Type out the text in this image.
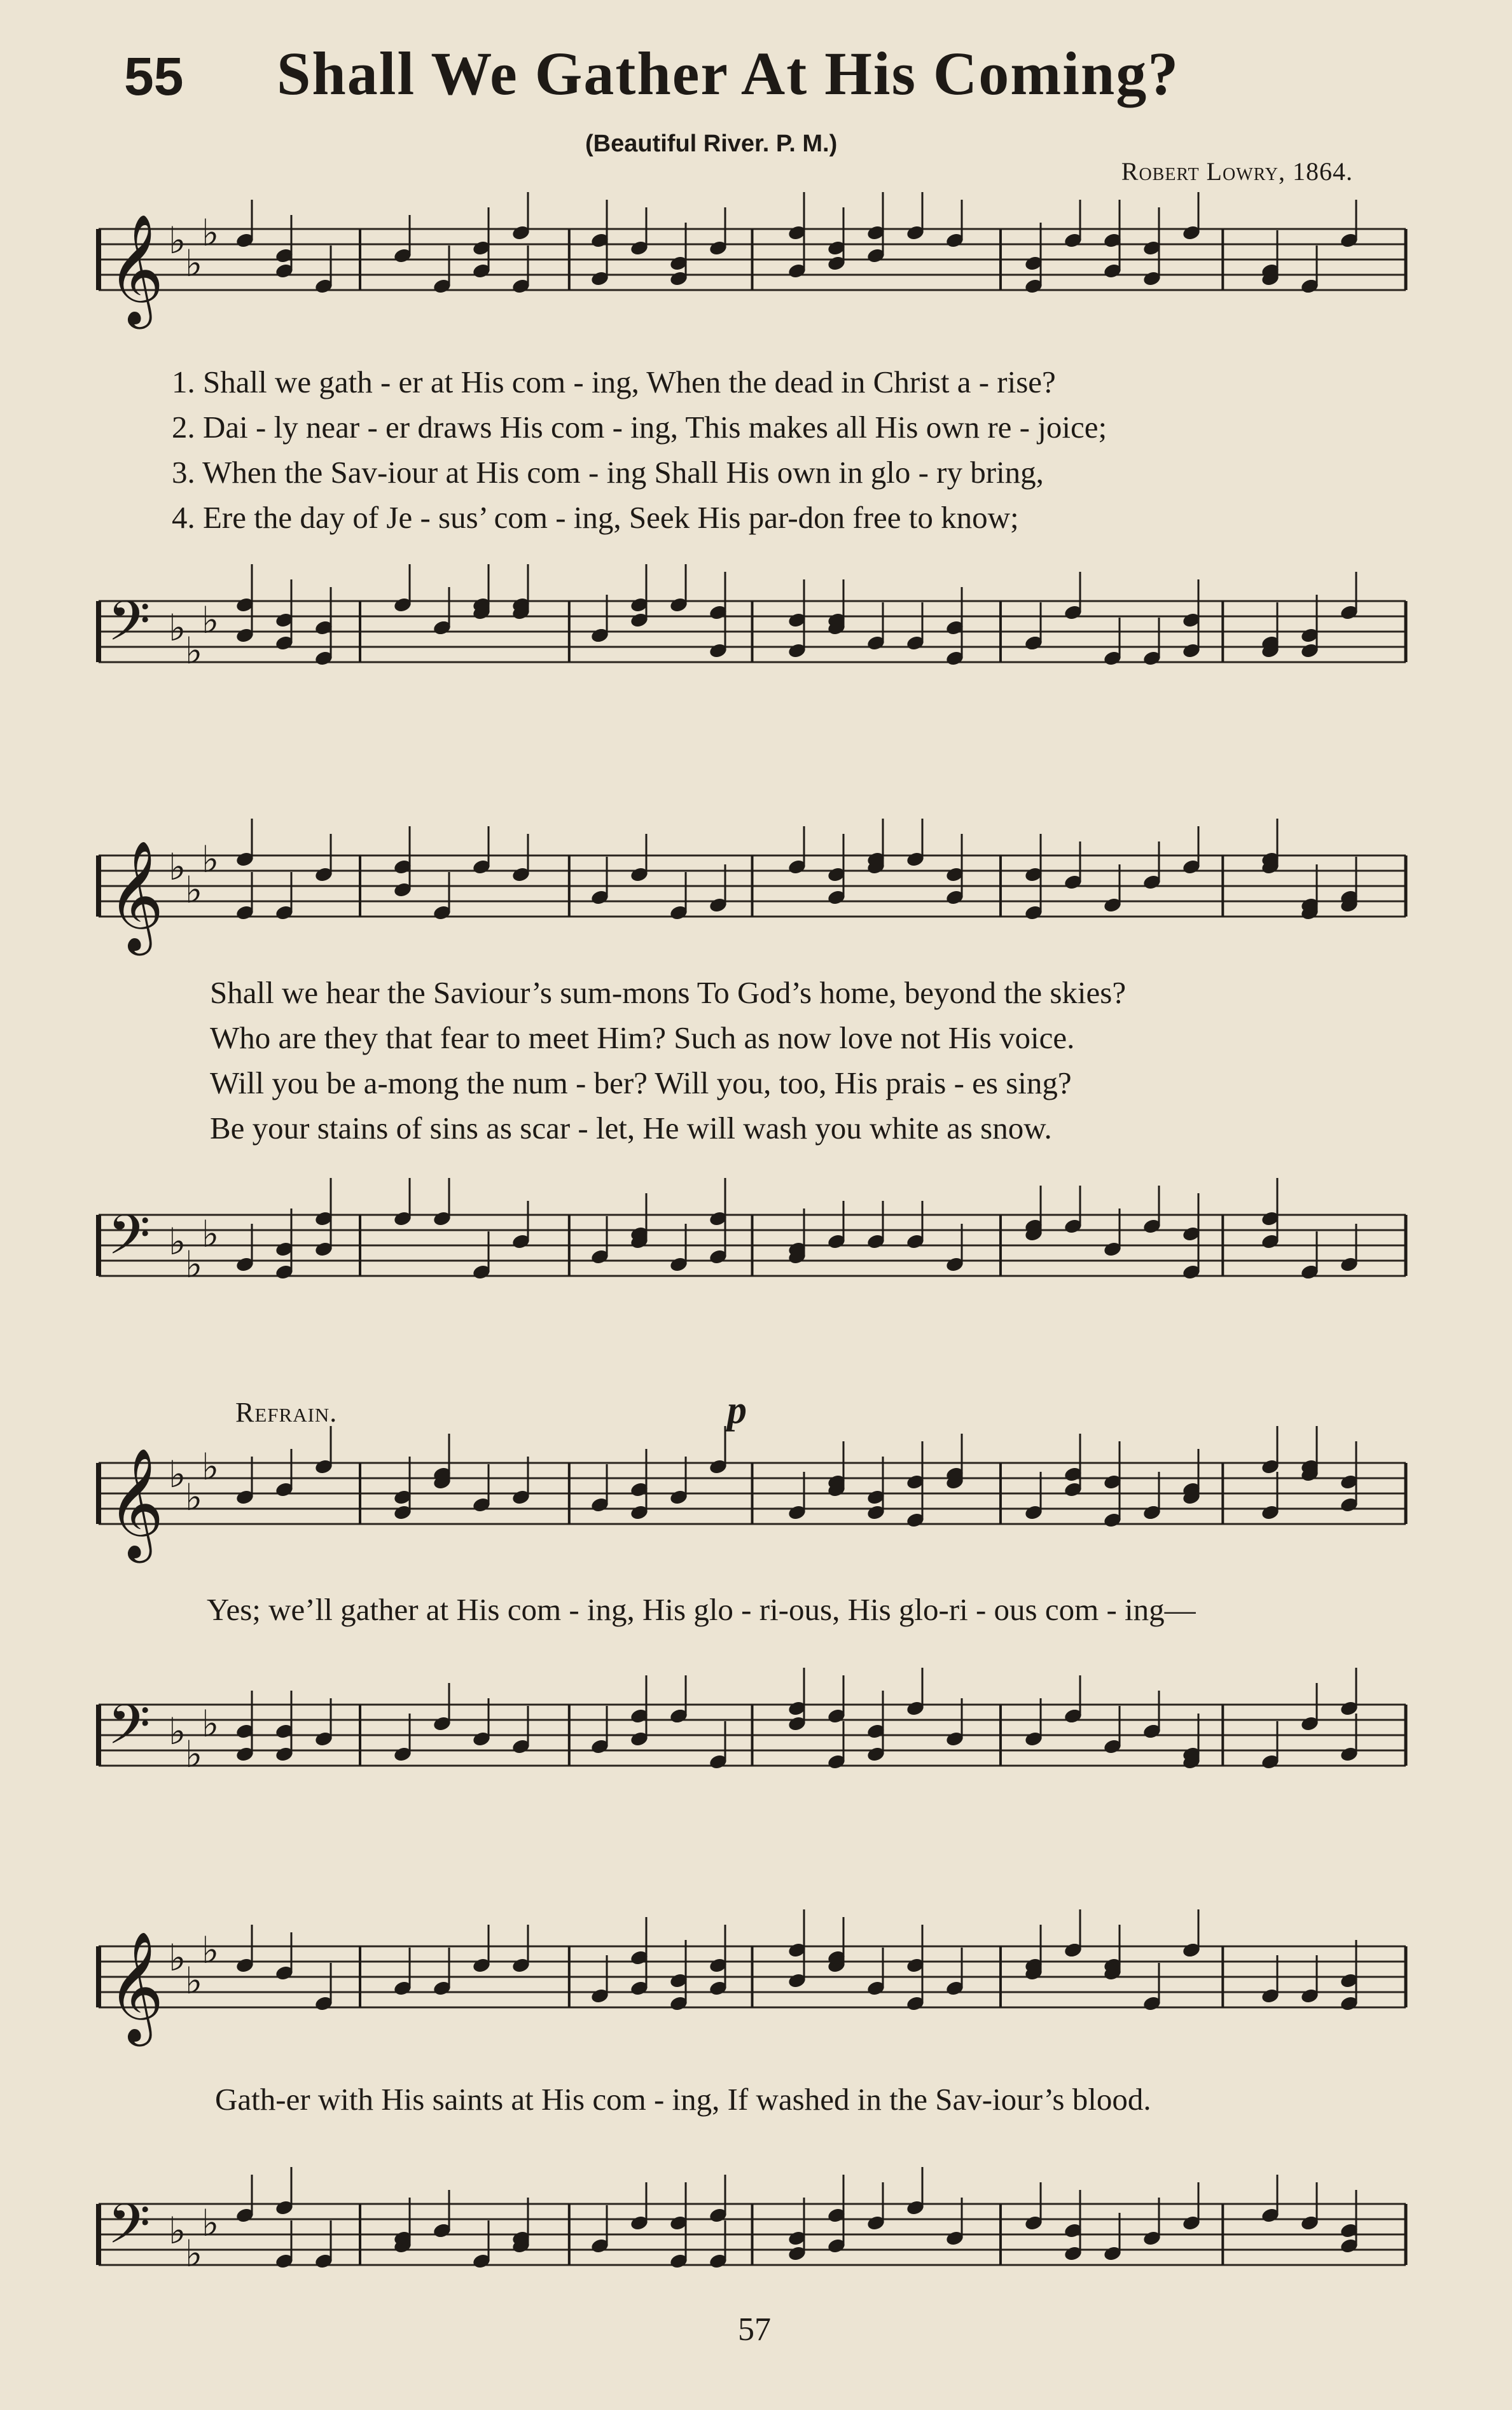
55 Shall We Gather At His Coming?
(Beautiful River. P. M.)
Robert Lowry, 1864.
𝄞 ♭
♭
♭
1. Shall we gath - er at His com - ing, When the dead in Christ a - rise?
2. Dai - ly near - er draws His com - ing, This makes all His own re - joice;
3. When the Sav-iour at His com - ing Shall His own in glo - ry bring,
4. Ere the day of Je - sus’ com - ing, Seek His par-don free to know;
𝄢 ♭
♭
♭
𝄞 ♭
♭
♭
Shall we hear the Saviour’s sum-mons To God’s home, beyond the skies?
Who are they that fear to meet Him? Such as now love not His voice.
Will you be a-mong the num - ber? Will you, too, His prais - es sing?
Be your stains of sins as scar - let, He will wash you white as snow.
𝄢 ♭
♭
♭
Refrain.	p
𝄞 ♭
♭
♭
Yes; we’ll gather at His com - ing, His glo - ri-ous, His glo-ri - ous com - ing—
𝄢 ♭
♭
♭
𝄞 ♭
♭
♭
Gath-er with His saints at His com - ing, If washed in the Sav-iour’s blood.
𝄢 ♭
♭
♭
57
